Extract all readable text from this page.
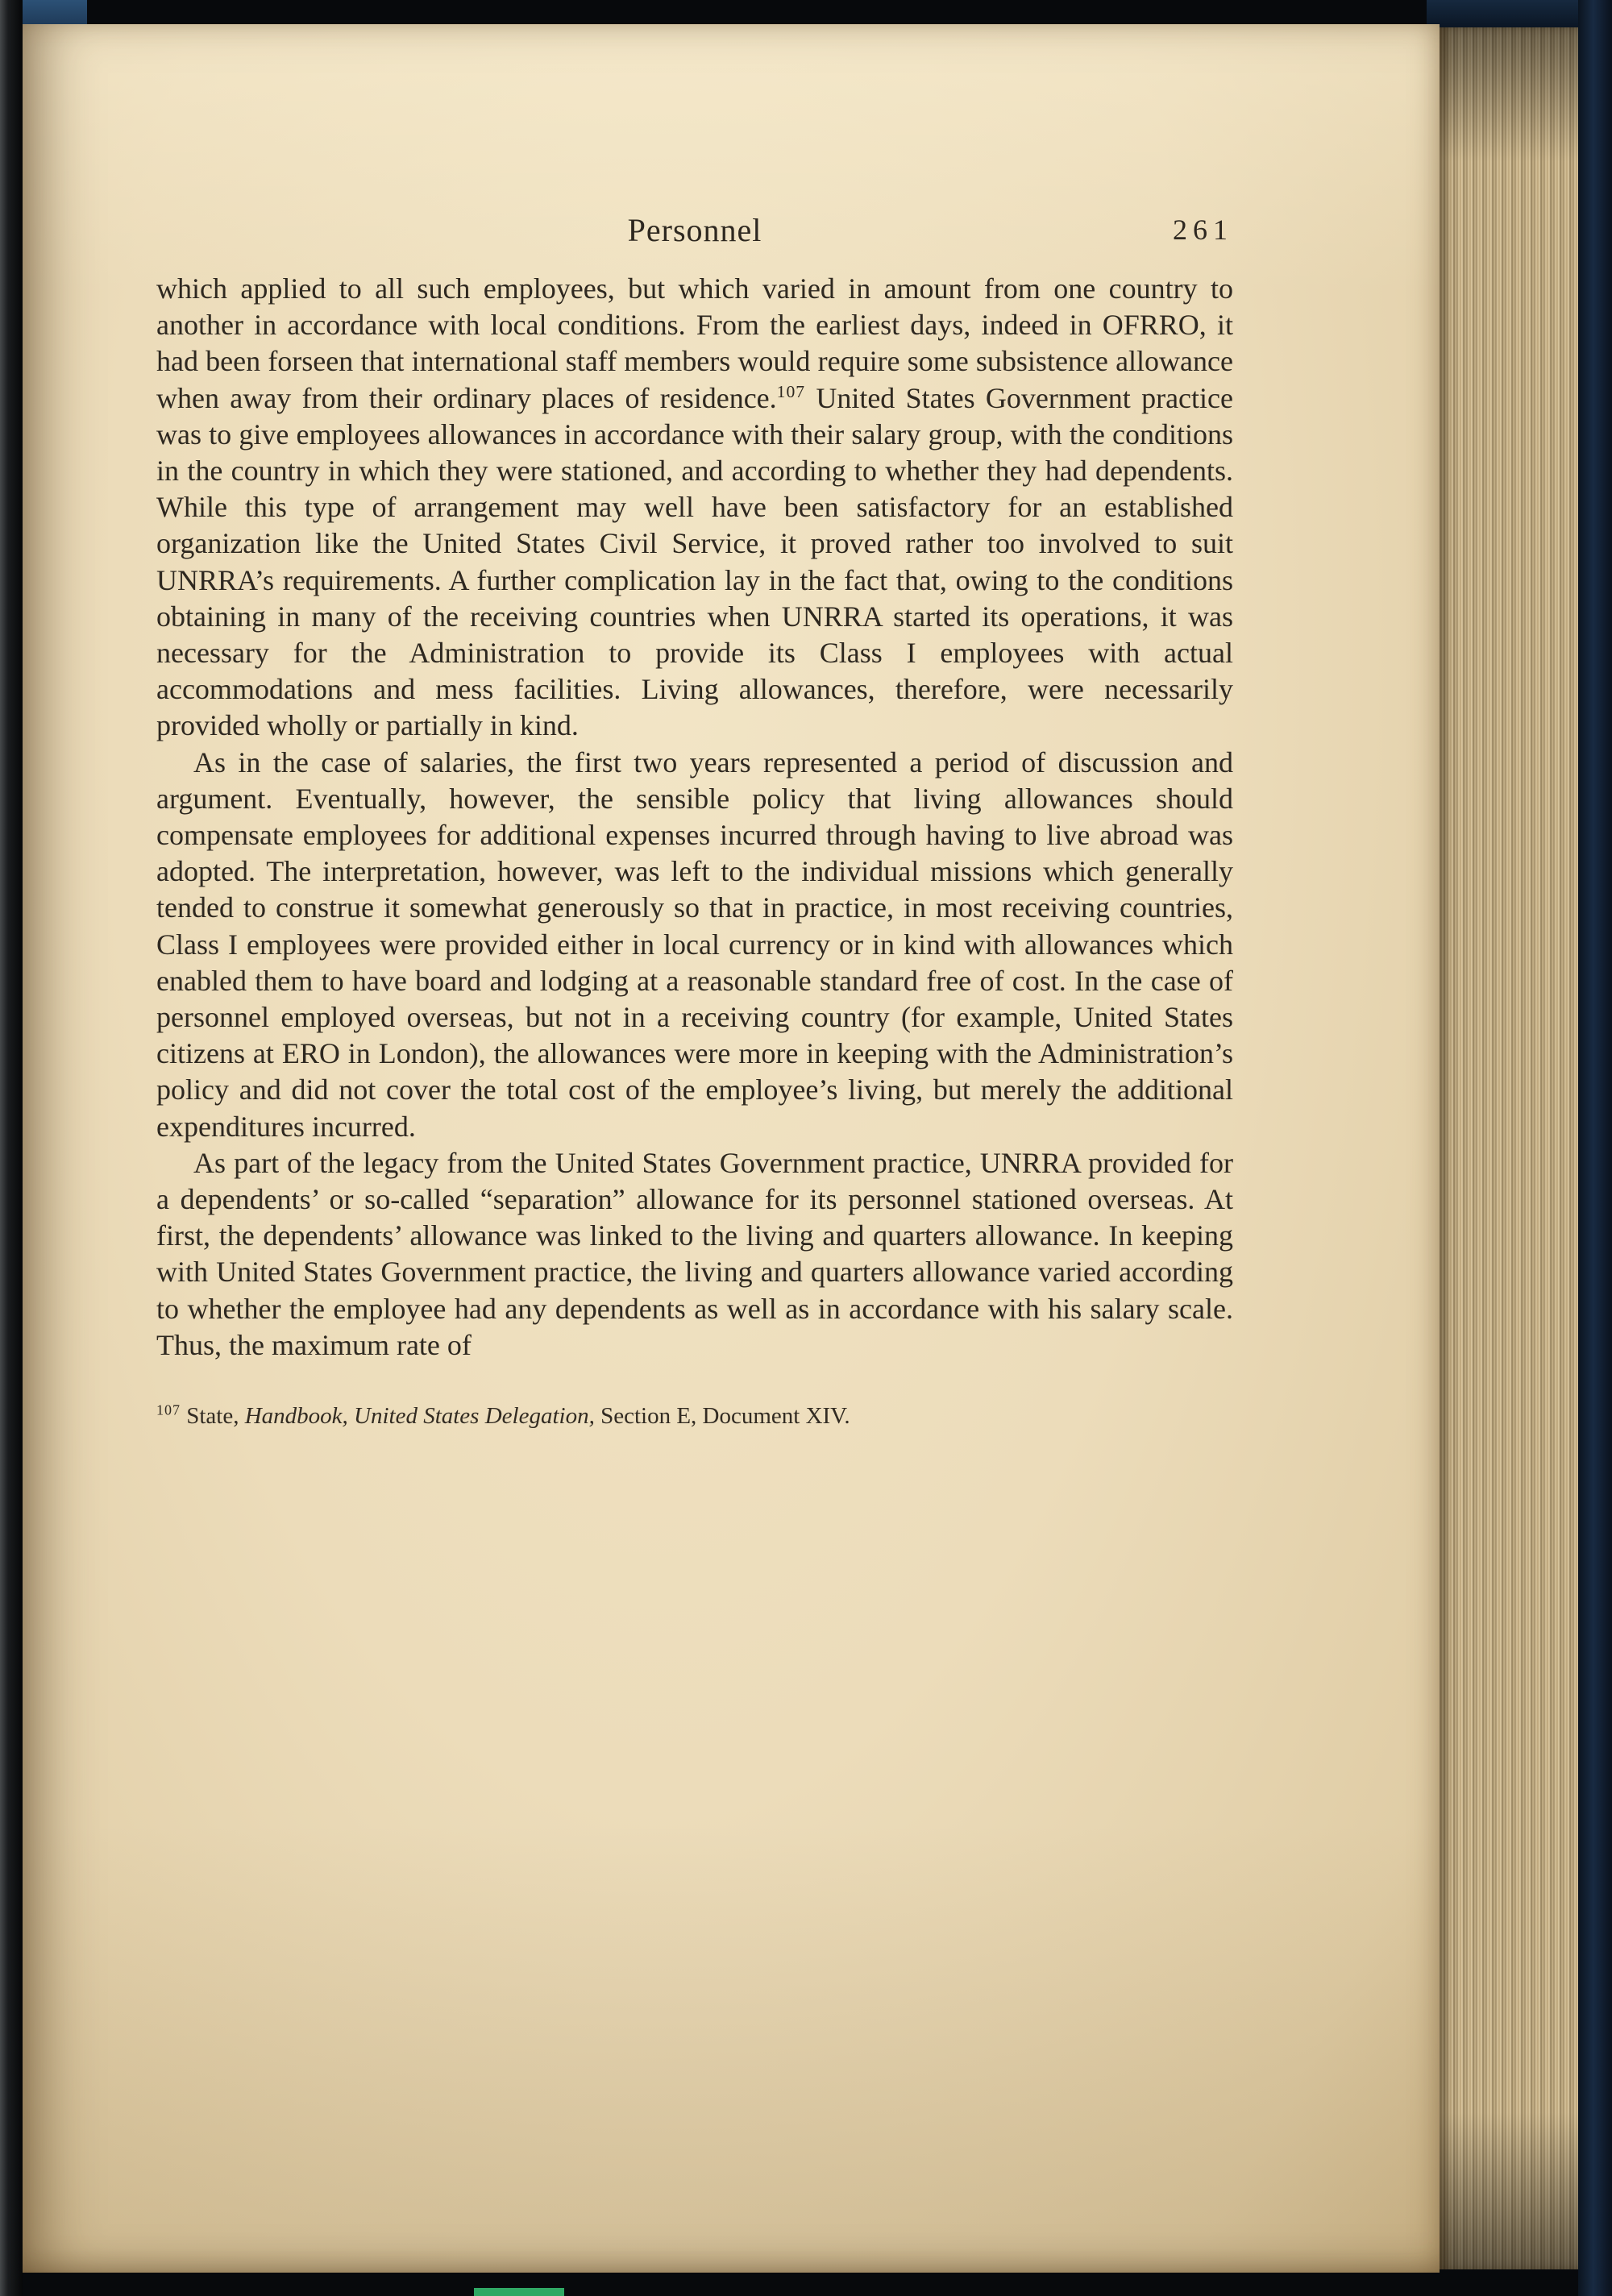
Personnel	261

which applied to all such employees, but which varied in amount from one country to another in accordance with local conditions. From the earliest days, indeed in OFRRO, it had been forseen that international staff members would require some subsistence allowance when away from their ordinary places of residence.$^{107}$ United States Government practice was to give employees allowances in accordance with their salary group, with the conditions in the country in which they were stationed, and according to whether they had dependents. While this type of arrangement may well have been satisfactory for an established organization like the United States Civil Service, it proved rather too involved to suit UNRRA’s requirements. A further complication lay in the fact that, owing to the conditions obtaining in many of the receiving countries when UNRRA started its operations, it was necessary for the Administration to provide its Class I employees with actual accommodations and mess facilities. Living allowances, therefore, were necessarily provided wholly or partially in kind.

As in the case of salaries, the first two years represented a period of discussion and argument. Eventually, however, the sensible policy that living allowances should compensate employees for additional expenses incurred through having to live abroad was adopted. The interpretation, however, was left to the individual missions which generally tended to construe it somewhat generously so that in practice, in most receiving countries, Class I employees were provided either in local currency or in kind with allowances which enabled them to have board and lodging at a reasonable standard free of cost. In the case of personnel employed overseas, but not in a receiving country (for example, United States citizens at ERO in London), the allowances were more in keeping with the Administration’s policy and did not cover the total cost of the employee’s living, but merely the additional expenditures incurred.

As part of the legacy from the United States Government practice, UNRRA provided for a dependents’ or so-called “separation” allowance for its personnel stationed overseas. At first, the dependents’ allowance was linked to the living and quarters allowance. In keeping with United States Government practice, the living and quarters allowance varied according to whether the employee had any dependents as well as in accordance with his salary scale. Thus, the maximum rate of

$^{107}$ State, Handbook, United States Delegation, Section E, Document XIV.
